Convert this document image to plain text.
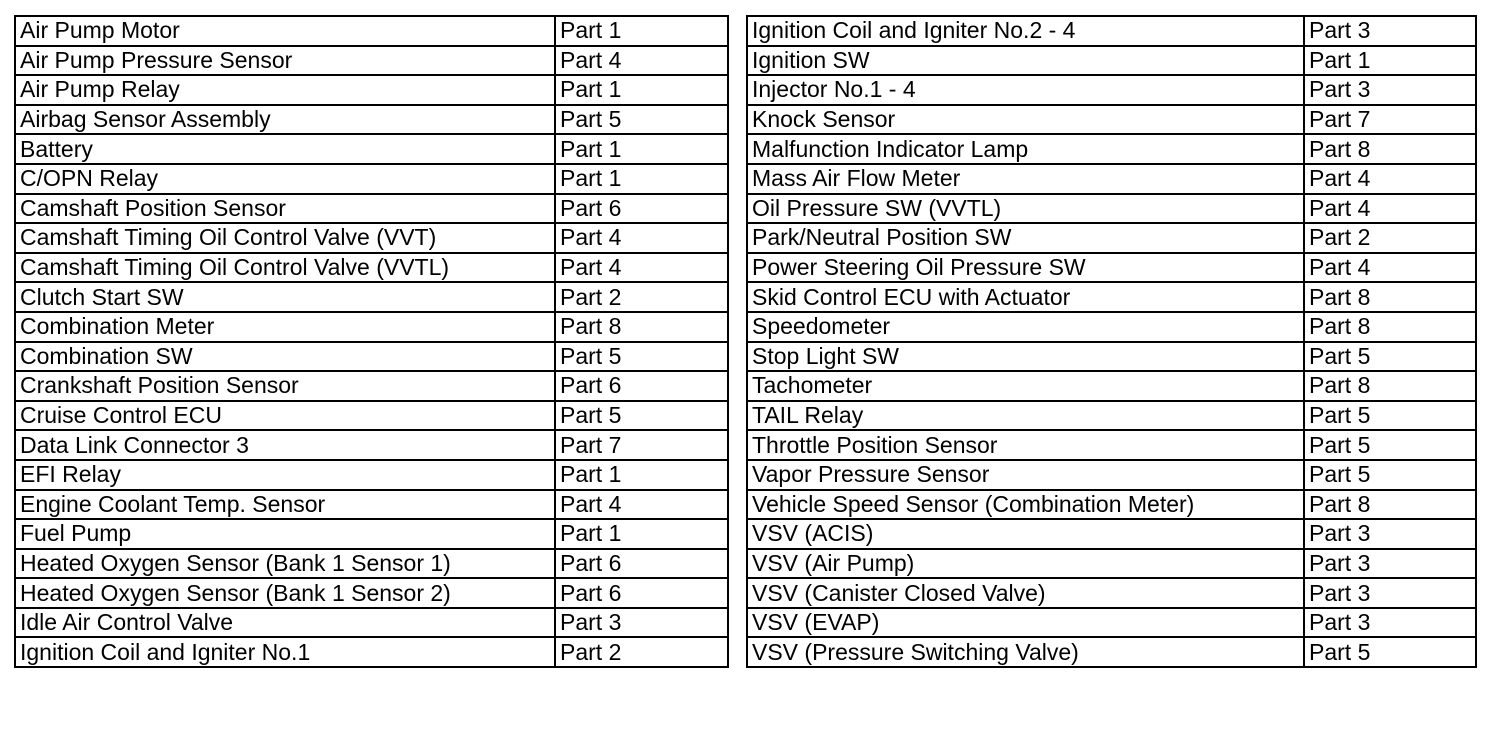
Air Pump Motor	Part 1
Air Pump Pressure Sensor	Part 4
Air Pump Relay	Part 1
Airbag Sensor Assembly	Part 5
Battery	Part 1
C/OPN Relay	Part 1
Camshaft Position Sensor	Part 6
Camshaft Timing Oil Control Valve (VVT)	Part 4
Camshaft Timing Oil Control Valve (VVTL)	Part 4
Clutch Start SW	Part 2
Combination Meter	Part 8
Combination SW	Part 5
Crankshaft Position Sensor	Part 6
Cruise Control ECU	Part 5
Data Link Connector 3	Part 7
EFI Relay	Part 1
Engine Coolant Temp. Sensor	Part 4
Fuel Pump	Part 1
Heated Oxygen Sensor (Bank 1 Sensor 1)	Part 6
Heated Oxygen Sensor (Bank 1 Sensor 2)	Part 6
Idle Air Control Valve	Part 3
Ignition Coil and Igniter No.1	Part 2
Ignition Coil and Igniter No.2 - 4	Part 3
Ignition SW	Part 1
Injector No.1 - 4	Part 3
Knock Sensor	Part 7
Malfunction Indicator Lamp	Part 8
Mass Air Flow Meter	Part 4
Oil Pressure SW (VVTL)	Part 4
Park/Neutral Position SW	Part 2
Power Steering Oil Pressure SW	Part 4
Skid Control ECU with Actuator	Part 8
Speedometer	Part 8
Stop Light SW	Part 5
Tachometer	Part 8
TAIL Relay	Part 5
Throttle Position Sensor	Part 5
Vapor Pressure Sensor	Part 5
Vehicle Speed Sensor (Combination Meter)	Part 8
VSV (ACIS)	Part 3
VSV (Air Pump)	Part 3
VSV (Canister Closed Valve)	Part 3
VSV (EVAP)	Part 3
VSV (Pressure Switching Valve)	Part 5
